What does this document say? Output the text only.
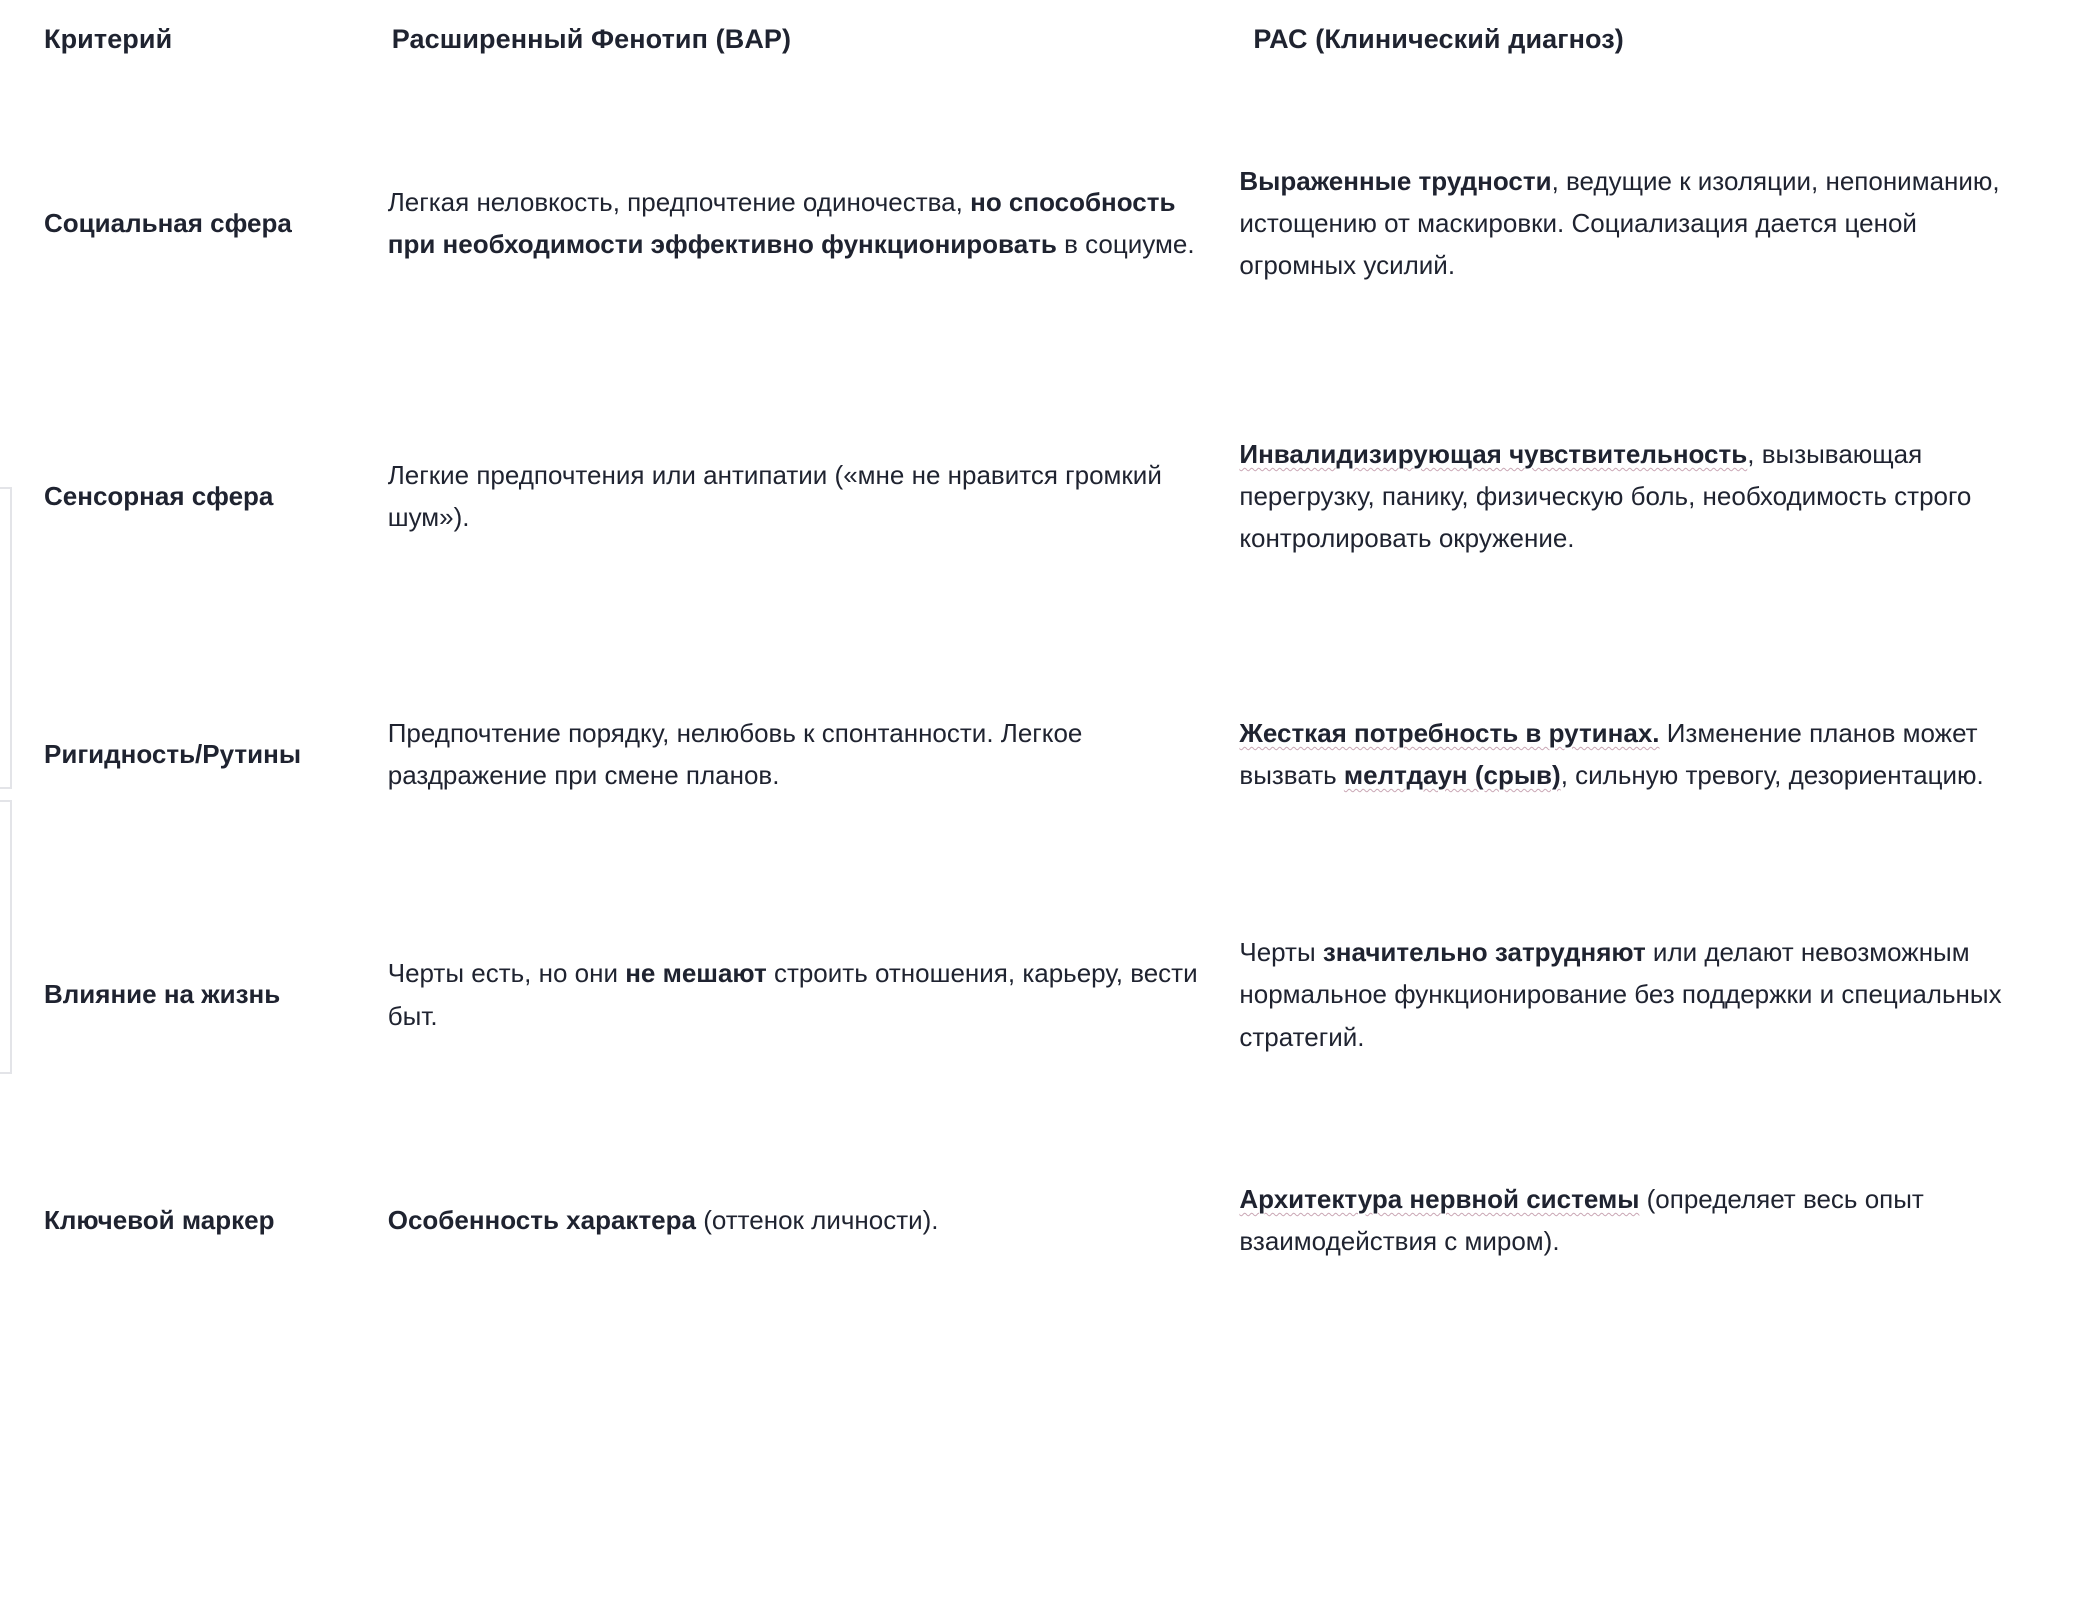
Критерий	Расширенный Фенотип (BAP)	РАС (Клинический диагноз)
Социальная сфера	Легкая неловкость, предпочтение одиночества, но способность при необходимости эффективно функционировать в социуме.	Выраженные трудности, ведущие к изоляции, непониманию, истощению от маскировки. Социализация дается ценой огромных усилий.
Сенсорная сфера	Легкие предпочтения или антипатии («мне не нравится громкий шум»).	Инвалидизирующая чувствительность, вызывающая перегрузку, панику, физическую боль, необходимость строго контролировать окружение.
Ригидность/Рутины	Предпочтение порядку, нелюбовь к спонтанности. Легкое раздражение при смене планов.	Жесткая потребность в рутинах. Изменение планов может вызвать мелтдаун (срыв), сильную тревогу, дезориентацию.
Влияние на жизнь	Черты есть, но они не мешают строить отношения, карьеру, вести быт.	Черты значительно затрудняют или делают невозможным нормальное функционирование без поддержки и специальных стратегий.
Ключевой маркер	Особенность характера (оттенок личности).	Архитектура нервной системы (определяет весь опыт взаимодействия с миром).
